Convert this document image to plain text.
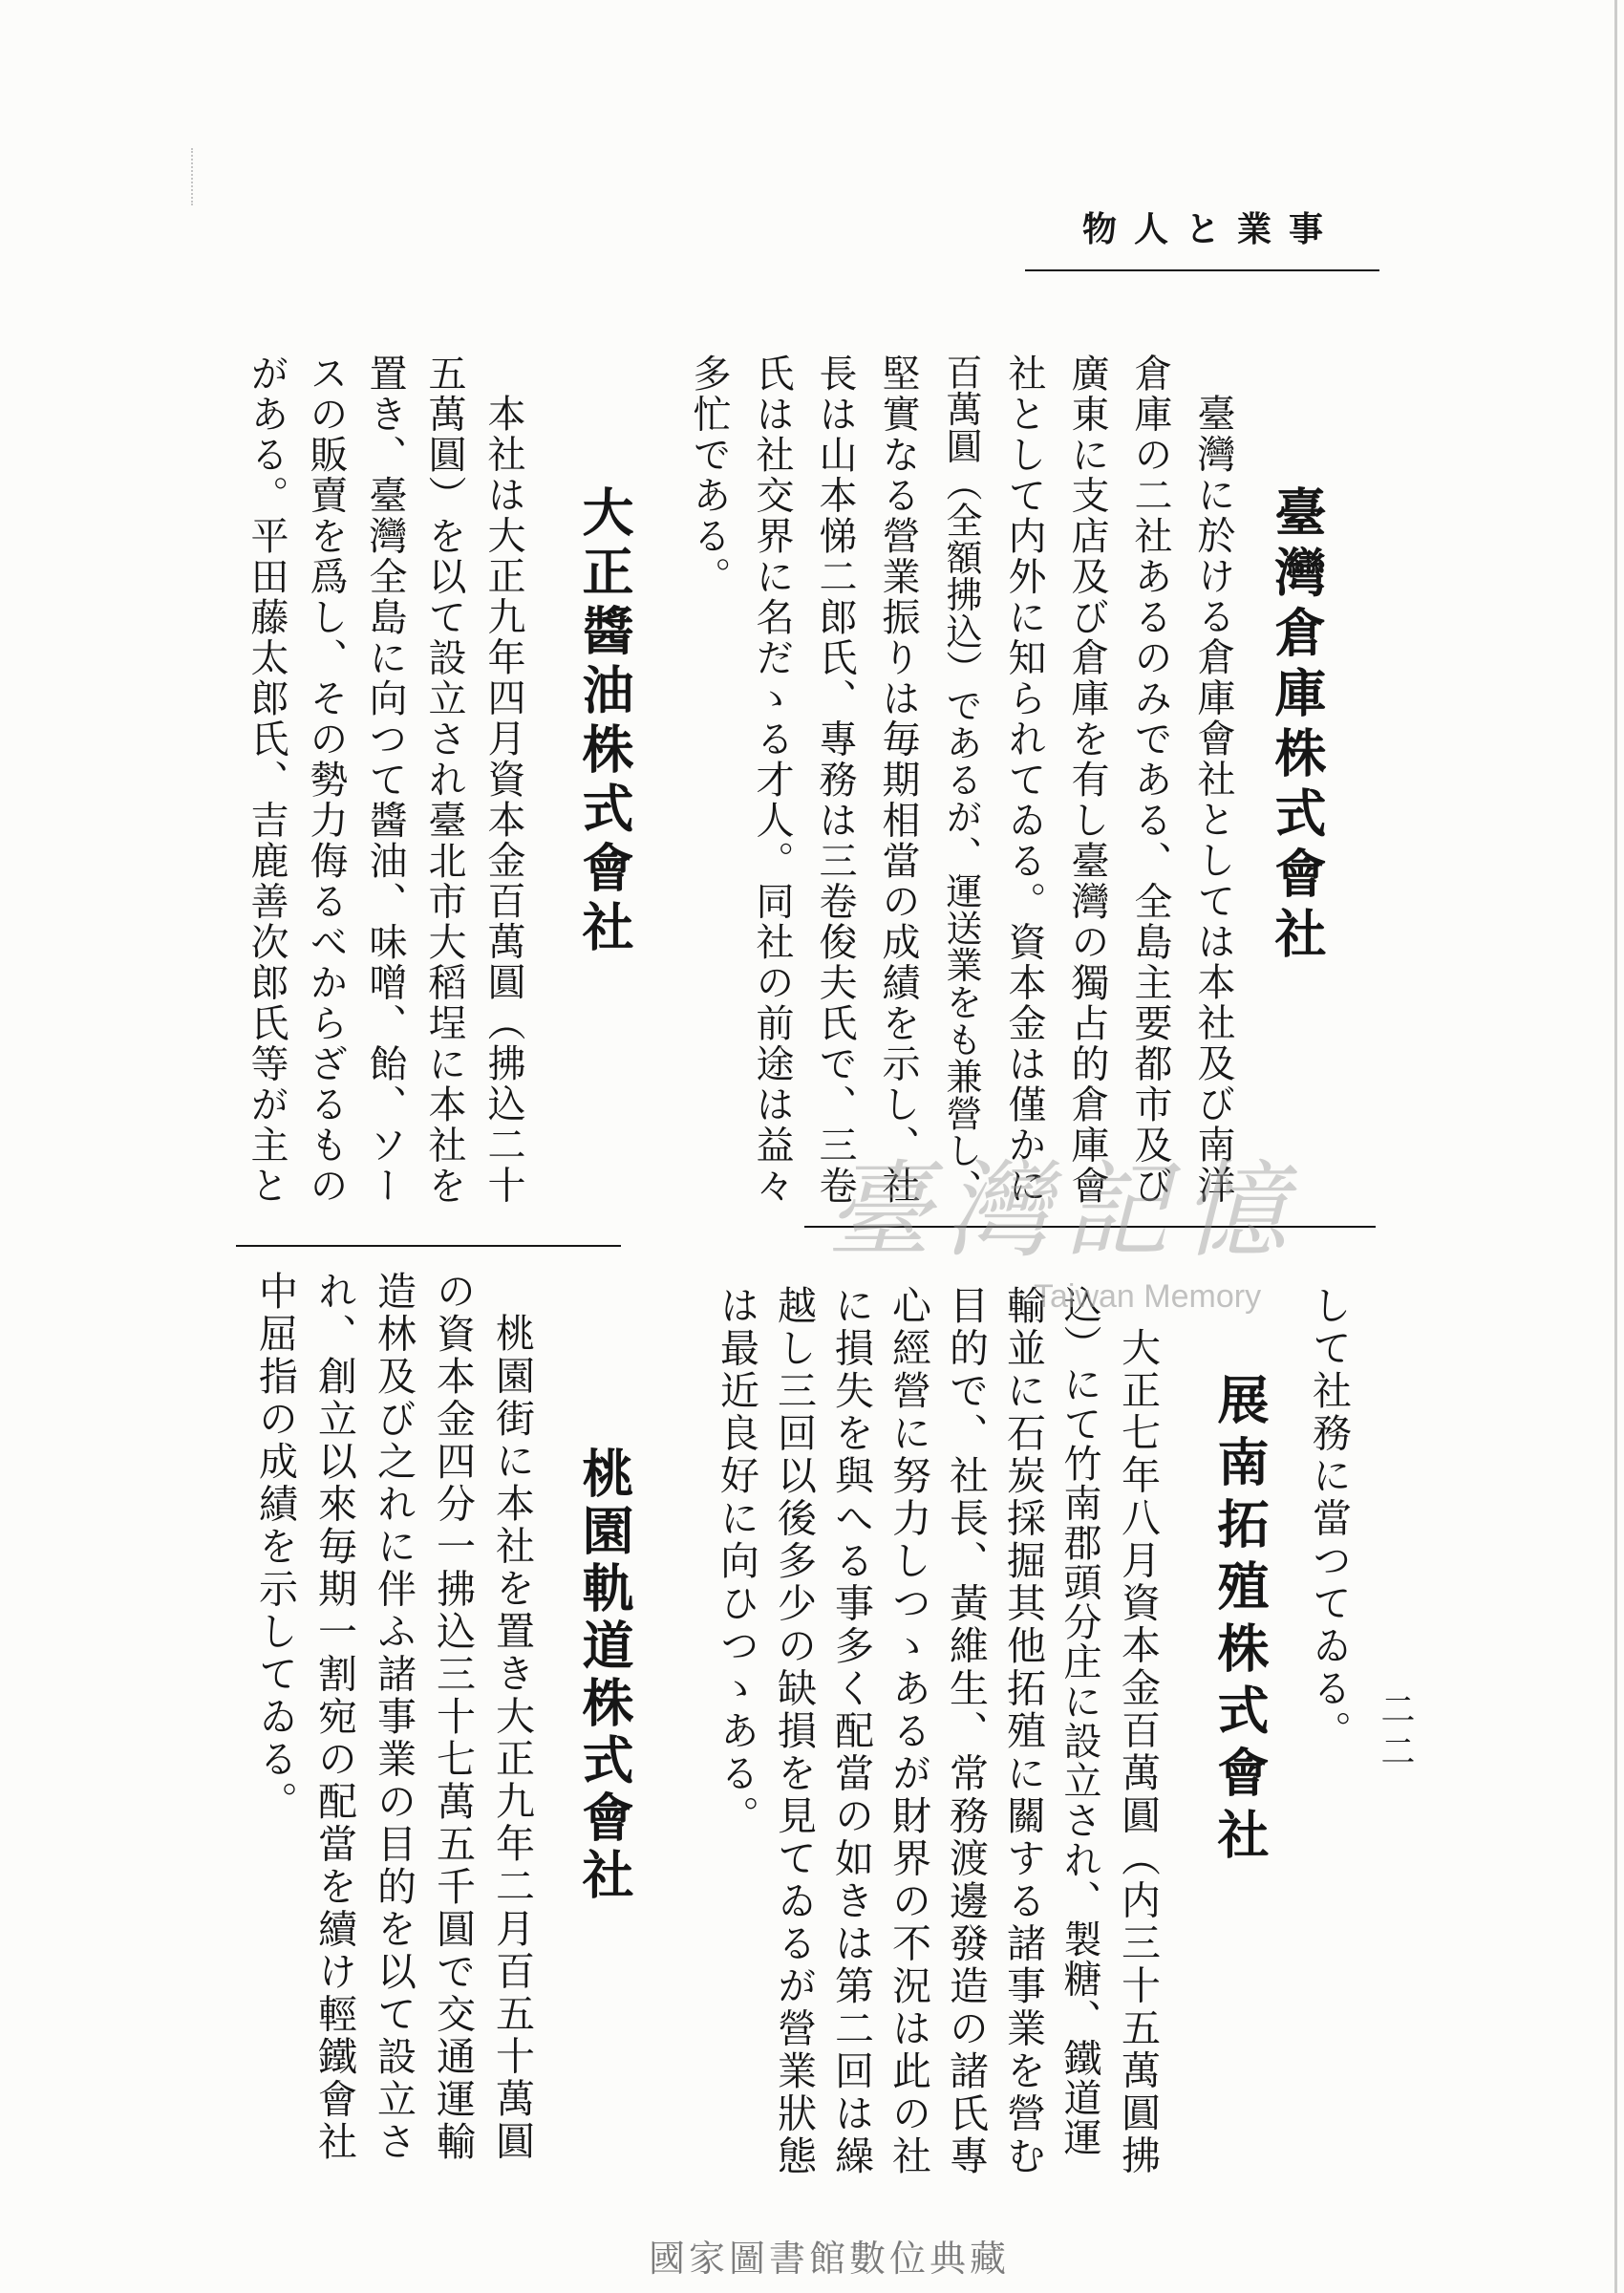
事業と人物
二二
臺灣倉庫株式會社
臺灣に於ける倉庫會社としては本社及び南洋
倉庫の二社あるのみである、全島主要都市及び
廣東に支店及び倉庫を有し臺灣の獨占的倉庫會
社として内外に知られてゐる。資本金は僅かに
百萬圓（全額拂込）であるが、運送業をも兼營し、
堅實なる營業振りは毎期相當の成績を示し、社
長は山本悌二郎氏、專務は三卷俊夫氏で、三卷
氏は社交界に名だゝる才人。同社の前途は益々
多忙である。
大正醬油株式會社
本社は大正九年四月資本金百萬圓（拂込二十
五萬圓）を以て設立され臺北市大稻埕に本社を
置き、臺灣全島に向つて醬油、味噌、飴、ソー
スの販賣を爲し、その勢力侮るべからざるもの
がある。平田藤太郎氏、吉鹿善次郎氏等が主と
して社務に當つてゐる。
展南拓殖株式會社
大正七年八月資本金百萬圓（内三十五萬圓拂
込）にて竹南郡頭分庄に設立され、製糖、鐵道運
輸並に石炭採掘其他拓殖に關する諸事業を營む
目的で、社長、黃維生、常務渡邊發造の諸氏專
心經營に努力しつゝあるが財界の不況は此の社
に損失を與へる事多く配當の如きは第二回は繰
越し三回以後多少の缺損を見てゐるが營業狀態
は最近良好に向ひつゝある。
桃園軌道株式會社
桃園街に本社を置き大正九年二月百五十萬圓
の資本金四分一拂込三十七萬五千圓で交通運輸
造林及び之れに伴ふ諸事業の目的を以て設立さ
れ、創立以來毎期一割宛の配當を續け輕鐵會社
中屈指の成績を示してゐる。
臺灣記憶
Taiwan Memory
國家圖書館數位典藏
